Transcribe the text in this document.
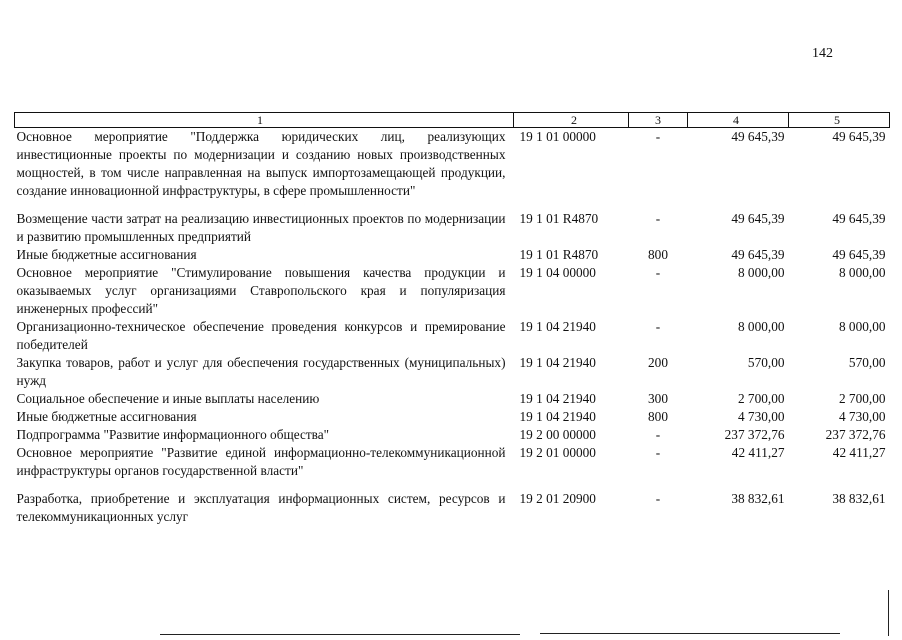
142
1	2	3	4	5
Основное мероприятие "Поддержка юридических лиц, реализующих инвестиционные проекты по модернизации и созданию новых производственных мощностей, в том числе направленная на выпуск импортозамещающей продукции, создание инновационной инфраструктуры, в сфере промышленности"	19 1 01 00000	-	49 645,39	49 645,39
Возмещение части затрат на реализацию инвестиционных проектов по модернизации и развитию промышленных предприятий	19 1 01 R4870	-	49 645,39	49 645,39
Иные бюджетные ассигнования	19 1 01 R4870	800	49 645,39	49 645,39
Основное мероприятие "Стимулирование повышения качества продукции и оказываемых услуг организациями Ставропольского края и популяризация инженерных профессий"	19 1 04 00000	-	8 000,00	8 000,00
Организационно-техническое обеспечение проведения конкурсов и премирование победителей	19 1 04 21940	-	8 000,00	8 000,00
Закупка товаров, работ и услуг для обеспечения государственных (муниципальных) нужд	19 1 04 21940	200	570,00	570,00
Социальное обеспечение и иные выплаты населению	19 1 04 21940	300	2 700,00	2 700,00
Иные бюджетные ассигнования	19 1 04 21940	800	4 730,00	4 730,00
Подпрограмма "Развитие информационного общества"	19 2 00 00000	-	237 372,76	237 372,76
Основное мероприятие "Развитие единой информационно-телекоммуникационной инфраструктуры органов государственной власти"	19 2 01 00000	-	42 411,27	42 411,27
Разработка, приобретение и эксплуатация информационных систем, ресурсов и телекоммуникационных услуг	19 2 01 20900	-	38 832,61	38 832,61
